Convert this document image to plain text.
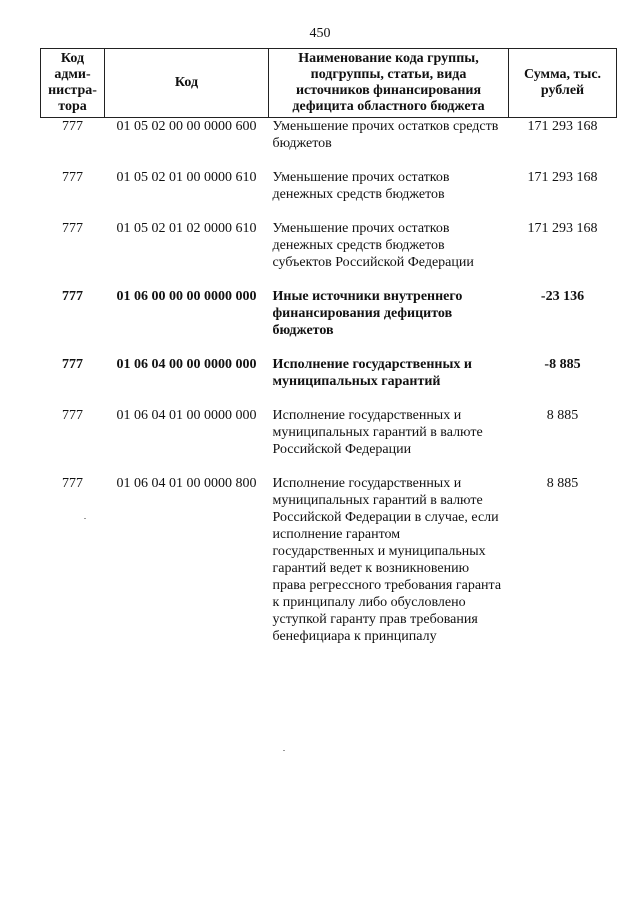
450
Код адми-нистра-тора	Код	Наименование кода группы, подгруппы, статьи, вида источников финансирования дефицита областного бюджета	Сумма, тыс. рублей
777	01 05 02 00 00 0000 600	Уменьшение прочих остатков средств бюджетов	171 293 168
777	01 05 02 01 00 0000 610	Уменьшение прочих остатков денежных средств бюджетов	171 293 168
777	01 05 02 01 02 0000 610	Уменьшение прочих остатков денежных средств бюджетов субъектов Российской Федерации	171 293 168
777	01 06 00 00 00 0000 000	Иные источники внутреннего финансирования дефицитов бюджетов	-23 136
777	01 06 04 00 00 0000 000	Исполнение государственных и муниципальных гарантий	-8 885
777	01 06 04 01 00 0000 000	Исполнение государственных и муниципальных гарантий в валюте Российской Федерации	8 885
777	01 06 04 01 00 0000 800	Исполнение государственных и муниципальных гарантий в валюте Российской Федерации в случае, если исполнение гарантом государственных и муниципальных гарантий ведет к возникновению права регрессного требования гаранта к принципалу либо обусловлено уступкой гаранту прав требования бенефициара к принципалу	8 885
